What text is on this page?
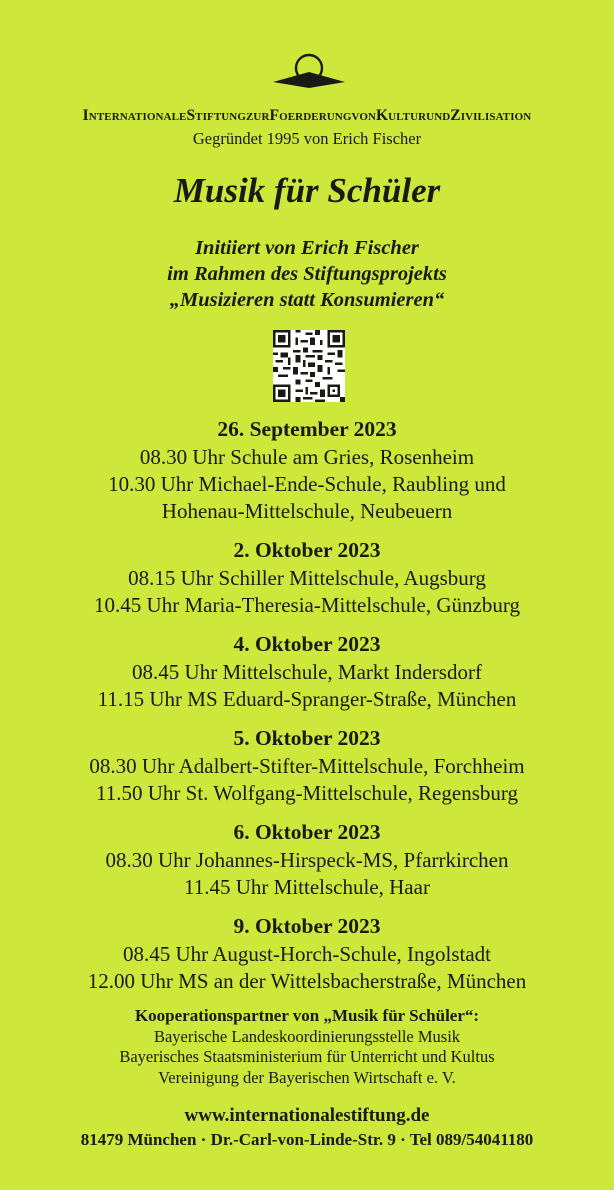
InternationaleStiftungzurFoerderungvonKulturundZivilisation
Gegründet 1995 von Erich Fischer
Musik für Schüler
Initiiert von Erich Fischer
im Rahmen des Stiftungsprojekts
„Musizieren statt Konsumieren“
26. September 2023
08.30 Uhr Schule am Gries, Rosenheim
10.30 Uhr Michael-Ende-Schule, Raubling und
Hohenau-Mittelschule, Neubeuern
2. Oktober 2023
08.15 Uhr Schiller Mittelschule, Augsburg
10.45 Uhr Maria-Theresia-Mittelschule, Günzburg
4. Oktober 2023
08.45 Uhr Mittelschule, Markt Indersdorf
11.15 Uhr MS Eduard-Spranger-Straße, München
5. Oktober 2023
08.30 Uhr Adalbert-Stifter-Mittelschule, Forchheim
11.50 Uhr St. Wolfgang-Mittelschule, Regensburg
6. Oktober 2023
08.30 Uhr Johannes-Hirspeck-MS, Pfarrkirchen
11.45 Uhr Mittelschule, Haar
9. Oktober 2023
08.45 Uhr August-Horch-Schule, Ingolstadt
12.00 Uhr MS an der Wittelsbacherstraße, München
Kooperationspartner von „Musik für Schüler“:
Bayerische Landeskoordinierungsstelle Musik
Bayerisches Staatsministerium für Unterricht und Kultus
Vereinigung der Bayerischen Wirtschaft e. V.
www.internationalestiftung.de
81479 München · Dr.-Carl-von-Linde-Str. 9 · Tel 089/54041180
